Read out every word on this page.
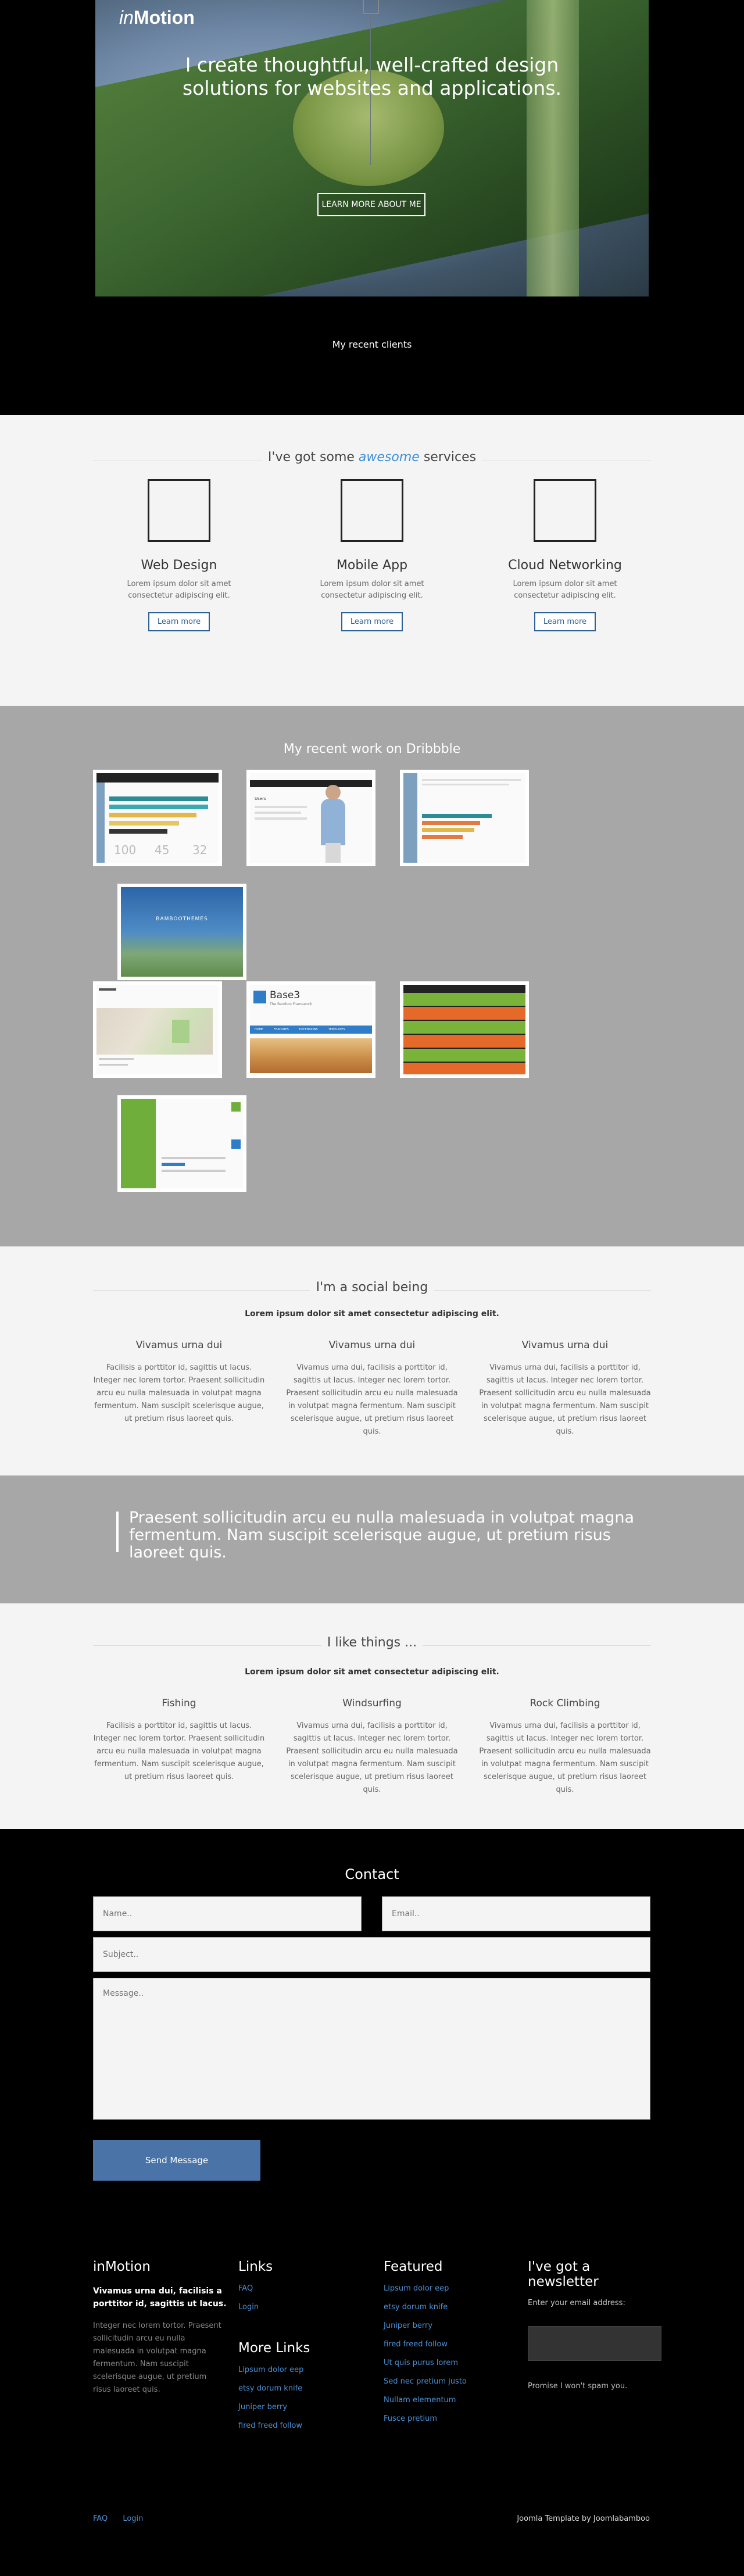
inMotion
I create thoughtful, well-crafted design
solutions for websites and applications.
LEARN MORE ABOUT ME
My recent clients
I've got some awesome services
Web Design

Lorem ipsum dolor sit amet consectetur adipiscing elit.

Learn more
Mobile App

Lorem ipsum dolor sit amet consectetur adipiscing elit.

Learn more
Cloud Networking

Lorem ipsum dolor sit amet consectetur adipiscing elit.

Learn more
My recent work on Dribbble
100 45 32
Users
BAMBOOTHEMES
Base3
The Bamboo Framework
HOME	FEATURES	EXTENSIONS	TEMPLATES
I'm a social being
Lorem ipsum dolor sit amet consectetur adipiscing elit.
Vivamus urna dui

Facilisis a porttitor id, sagittis ut lacus. Integer nec lorem tortor. Praesent sollicitudin arcu eu nulla malesuada in volutpat magna fermentum. Nam suscipit scelerisque augue, ut pretium risus laoreet quis.

Vivamus urna dui

Vivamus urna dui, facilisis a porttitor id, sagittis ut lacus. Integer nec lorem tortor. Praesent sollicitudin arcu eu nulla malesuada in volutpat magna fermentum. Nam suscipit scelerisque augue, ut pretium risus laoreet quis.

Vivamus urna dui

Vivamus urna dui, facilisis a porttitor id, sagittis ut lacus. Integer nec lorem tortor. Praesent sollicitudin arcu eu nulla malesuada in volutpat magna fermentum. Nam suscipit scelerisque augue, ut pretium risus laoreet quis.

Praesent sollicitudin arcu eu nulla malesuada in volutpat magna fermentum. Nam suscipit scelerisque augue, ut pretium risus laoreet quis.

I like things ...
Lorem ipsum dolor sit amet consectetur adipiscing elit.
Fishing

Facilisis a porttitor id, sagittis ut lacus. Integer nec lorem tortor. Praesent sollicitudin arcu eu nulla malesuada in volutpat magna fermentum. Nam suscipit scelerisque augue, ut pretium risus laoreet quis.

Windsurfing

Vivamus urna dui, facilisis a porttitor id, sagittis ut lacus. Integer nec lorem tortor. Praesent sollicitudin arcu eu nulla malesuada in volutpat magna fermentum. Nam suscipit scelerisque augue, ut pretium risus laoreet quis.

Rock Climbing

Vivamus urna dui, facilisis a porttitor id, sagittis ut lacus. Integer nec lorem tortor. Praesent sollicitudin arcu eu nulla malesuada in volutpat magna fermentum. Nam suscipit scelerisque augue, ut pretium risus laoreet quis.

Contact
Name..
Email..
Subject..
Message..
Send Message
inMotion
Vivamus urna dui, facilisis a porttitor id, sagittis ut lacus.
Integer nec lorem tortor. Praesent sollicitudin arcu eu nulla malesuada in volutpat magna fermentum. Nam suscipit scelerisque augue, ut pretium risus laoreet quis.
Links
FAQ
Login
More Links
Lipsum dolor eep
etsy dorum knife
Juniper berry
fired freed follow
Featured
Lipsum dolor eep
etsy dorum knife
Juniper berry
fired freed follow
Ut quis purus lorem
Sed nec pretium justo
Nullam elementum
Fusce pretium
I've got a newsletter
Enter your email address:
Promise I won't spam you.
FAQ Login	Joomla Template by Joomlabamboo
